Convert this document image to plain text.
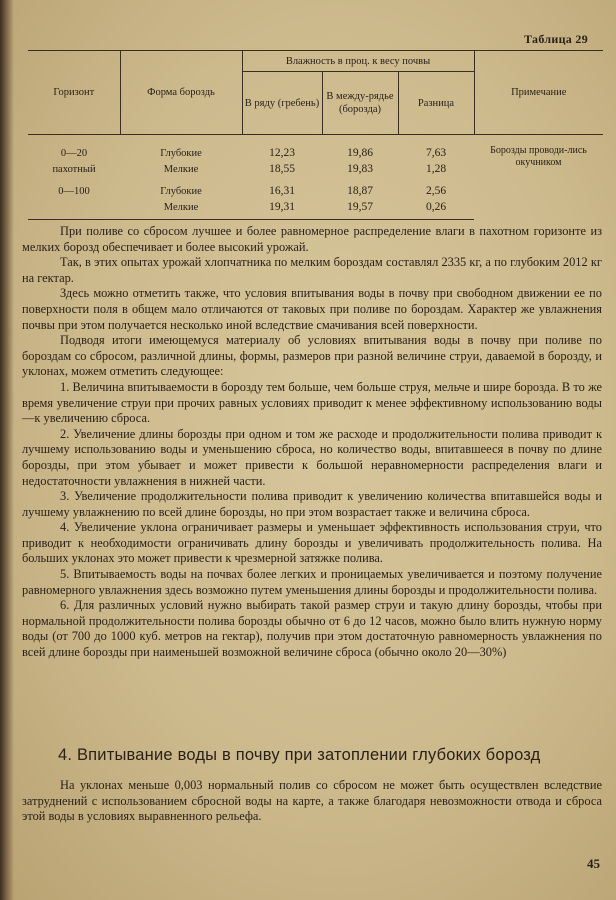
Таблица 29
Горизонт	Форма бороздь	Влажность в проц. к весу почвы			Примечание
		В ряду (гребень)	В между-рядье (борозда)	Разница	
0—20	Глубокие	12,23	19,86	7,63	Борозды проводи-лись окучником
пахотный	Мелкие	18,55	19,83	1,28	
0—100	Глубокие	16,31	18,87	2,56	
	Мелкие	19,31	19,57	0,26	

При поливе со сбросом лучшее и более равномерное распределение влаги в пахотном горизонте из мелких борозд обеспечивает и более высокий урожай.

Так, в этих опытах урожай хлопчатника по мелким бороздам составлял 2335 кг, а по глубоким 2012 кг на гектар.

Здесь можно отметить также, что условия впитывания воды в почву при свободном движении ее по поверхности поля в общем мало отличаются от таковых при поливе по бороздам. Характер же увлажнения почвы при этом получается несколько иной вследствие смачивания всей поверхности.

Подводя итоги имеющемуся материалу об условиях впитывания воды в почву при поливе по бороздам со сбросом, различной длины, формы, размеров при разной величине струи, даваемой в борозду, и уклонах, можем отметить следующее:

1. Величина впитываемости в борозду тем больше, чем больше струя, мельче и шире борозда. В то же время увеличение струи при прочих равных условиях приводит к менее эффективному использованию воды—к увеличению сброса.

2. Увеличение длины борозды при одном и том же расходе и продолжительности полива приводит к лучшему использованию воды и уменьшению сброса, но количество воды, впитавшееся в почву по длине борозды, при этом убывает и может привести к большой неравномерности распределения влаги и недостаточности увлажнения в нижней части.

3. Увеличение продолжительности полива приводит к увеличению количества впитавшейся воды и лучшему увлажнению по всей длине борозды, но при этом возрастает также и величина сброса.

4. Увеличение уклона ограничивает размеры и уменьшает эффективность использования струи, что приводит к необходимости ограничивать длину борозды и увеличивать продолжительность полива. На больших уклонах это может привести к чрезмерной затяжке полива.

5. Впитываемость воды на почвах более легких и проницаемых увеличивается и поэтому получение равномерного увлажнения здесь возможно путем уменьшения длины борозды и продолжительности полива.

6. Для различных условий нужно выбирать такой размер струи и такую длину борозды, чтобы при нормальной продолжительности полива борозды обычно от 6 до 12 часов, можно было влить нужную норму воды (от 700 до 1000 куб. метров на гектар), получив при этом достаточную равномерность увлажнения по всей длине борозды при наименьшей возможной величине сброса (обычно около 20—30%)

4. Впитывание воды в почву при затоплении глубоких борозд

На уклонах меньше 0,003 нормальный полив со сбросом не может быть осуществлен вследствие затруднений с использованием сбросной воды на карте, а также благодаря невозможности отвода и сброса этой воды в условиях выравненного рельефа.

45
